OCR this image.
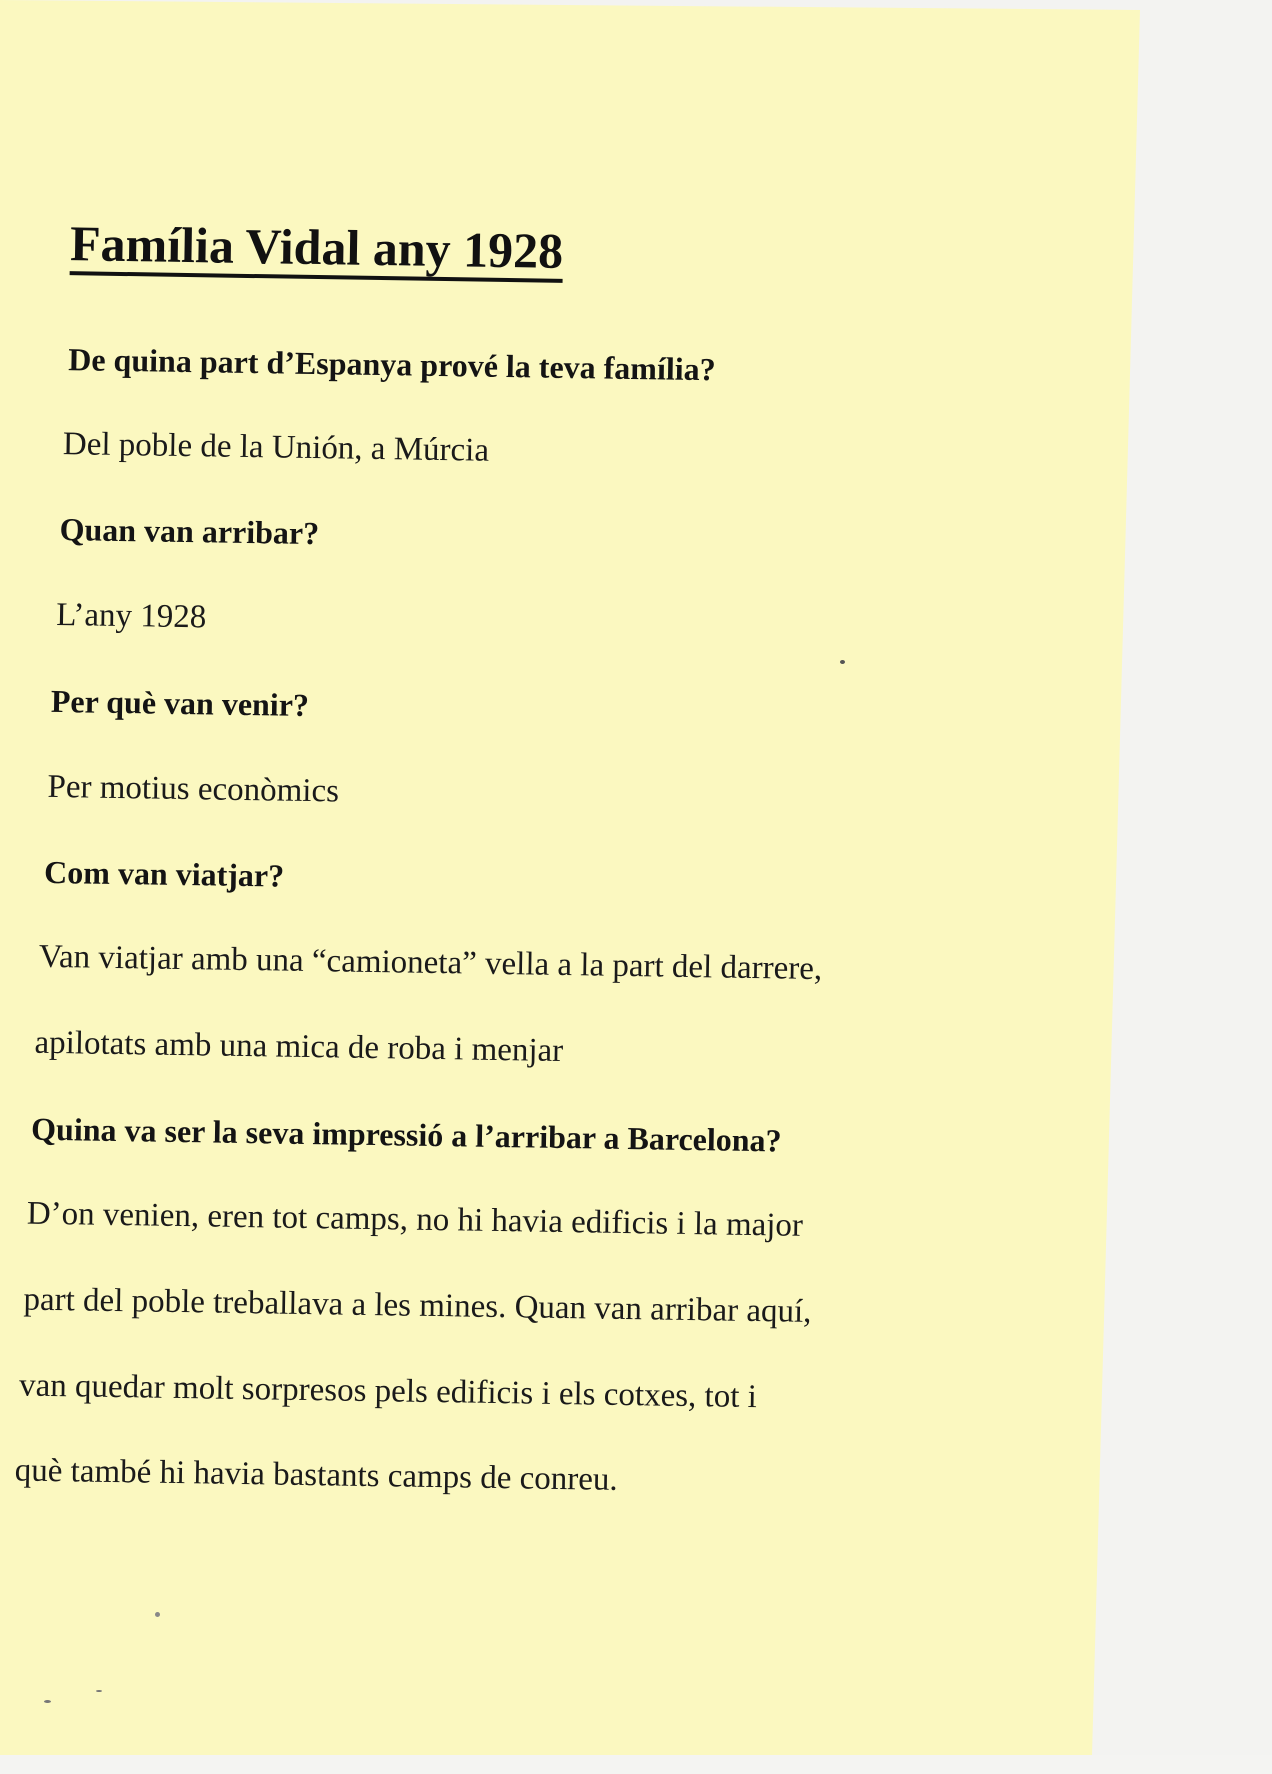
Família Vidal any 1928

De quina part d’Espanya prové la teva família?

Del poble de la Unión, a Múrcia

Quan van arribar?

L’any 1928

Per què van venir?

Per motius econòmics

Com van viatjar?

Van viatjar amb una “camioneta” vella a la part del darrere,

apilotats amb una mica de roba i menjar

Quina va ser la seva impressió a l’arribar a Barcelona?

D’on venien, eren tot camps, no hi havia edificis i la major

part del poble treballava a les mines. Quan van arribar aquí,

van quedar molt sorpresos pels edificis i els cotxes, tot i

què també hi havia bastants camps de conreu.
